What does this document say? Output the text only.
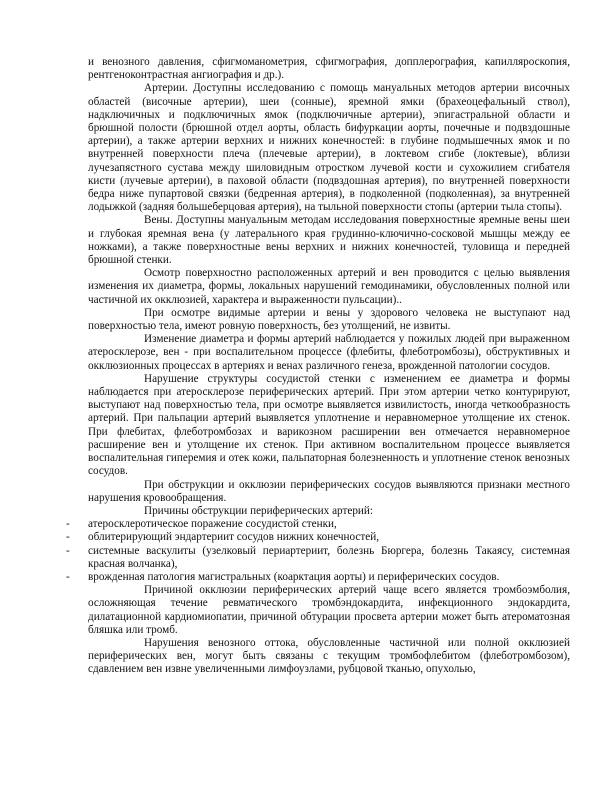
и венозного давления, сфигмоманометрия, сфигмография, допплерография, капилляроскопия, рентгеноконтрастная ангиография и др.).

Артерии. Доступны исследованию с помощь мануальных методов артерии височных областей (височные артерии), шеи (сонные), яремной ямки (брахеоцефальный ствол), надключичных и подключичных ямок (подключичные артерии), эпигастральной области и брюшной полости (брюшной отдел аорты, область бифуркации аорты, почечные и подвздошные артерии), а также артерии верхних и нижних конечностей: в глубине подмышечных ямок и по внутренней поверхности плеча (плечевые артерии), в локтевом сгибе (локтевые), вблизи лучезапястного сустава между шиловидным отростком лучевой кости и сухожилием сгибателя кисти (лучевые артерии), в паховой области (подвздошная артерия), по внутренней поверхности бедра ниже пупартовой связки (бедренная артерия), в подколенной (подколенная), за внутренней лодыжкой (задняя большеберцовая артерия), на тыльной поверхности стопы (артерии тыла стопы).

Вены. Доступны мануальным методам исследования поверхностные яремные вены шеи и глубокая яремная вена (у латерального края грудинно-ключично-сосковой мышцы между ее ножками), а также поверхностные вены верхних и нижних конечностей, туловища и передней брюшной стенки.

Осмотр поверхностно расположенных артерий и вен проводится с целью выявления изменения их диаметра, формы, локальных нарушений гемодинамики, обусловленных полной или частичной их окклюзией, характера и выраженности пульсации)..

При осмотре видимые артерии и вены у здорового человека не выступают над поверхностью тела, имеют ровную поверхность, без утолщений, не извиты.

Изменение диаметра и формы артерий наблюдается у пожилых людей при выраженном атеросклерозе, вен - при воспалительном процессе (флебиты, флеботромбозы), обструктивных и окклюзионных процессах в артериях и венах различного генеза, врожденной патологии сосудов.

Нарушение структуры сосудистой стенки с изменением ее диаметра и формы наблюдается при атеросклерозе периферических артерий. При этом артерии четко контурируют, выступают над поверхностью тела, при осмотре выявляется извилистость, иногда четкообразность артерий. При пальпации артерий выявляется уплотнение и неравномерное утолщение их стенок. При флебитах, флеботромбозах и варикозном расширении вен отмечается неравномерное расширение вен и утолщение их стенок. При активном воспалительном процессе выявляется воспалительная гиперемия и отек кожи, пальпаторная болезненность и уплотнение стенок венозных сосудов.

При обструкции и окклюзии периферических сосудов выявляются признаки местного нарушения кровообращения.

Причины обструкции периферических артерий:

- атеросклеротическое поражение сосудистой стенки,
- облитерирующий эндартериит сосудов нижних конечностей,
- системные васкулиты (узелковый периартериит, болезнь Бюргера, болезнь Такаясу, системная красная волчанка),
- врожденная патология магистральных (коарктация аорты) и периферических сосудов.

Причиной окклюзии периферических артерий чаще всего является тромбоэмболия, осложняющая течение ревматического тромбэндокардита, инфекционного эндокардита, дилатационной кардиомиопатии, причиной обтурации просвета артерии может быть атероматозная бляшка или тромб.

Нарушения венозного оттока, обусловленные частичной или полной окклюзией периферических вен, могут быть связаны с текущим тромбофлебитом (флеботромбозом), сдавлением вен извне увеличенными лимфоузлами, рубцовой тканью, опухолью,
